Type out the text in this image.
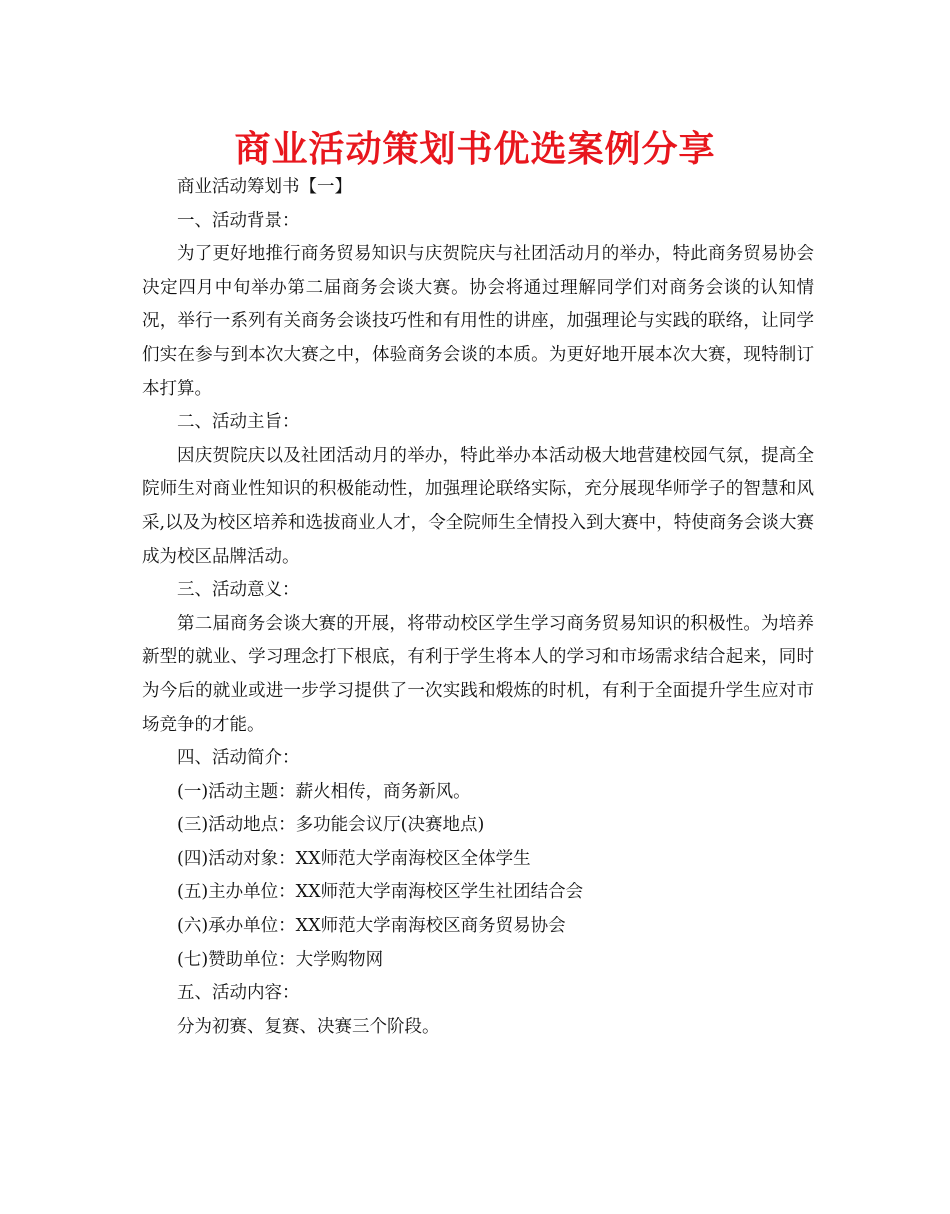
商业活动策划书优选案例分享

商业活动筹划书【一】

一、活动背景：

为了更好地推行商务贸易知识与庆贺院庆与社团活动月的举办，特此商务贸易协会决定四月中旬举办第二届商务会谈大赛。协会将通过理解同学们对商务会谈的认知情况，举行一系列有关商务会谈技巧性和有用性的讲座，加强理论与实践的联络，让同学们实在参与到本次大赛之中，体验商务会谈的本质。为更好地开展本次大赛，现特制订本打算。

二、活动主旨：

因庆贺院庆以及社团活动月的举办，特此举办本活动极大地营建校园气氛，提高全院师生对商业性知识的积极能动性，加强理论联络实际，充分展现华师学子的智慧和风采,以及为校区培养和选拔商业人才，令全院师生全情投入到大赛中，特使商务会谈大赛成为校区品牌活动。

三、活动意义：

第二届商务会谈大赛的开展，将带动校区学生学习商务贸易知识的积极性。为培养新型的就业、学习理念打下根底，有利于学生将本人的学习和市场需求结合起来，同时为今后的就业或进一步学习提供了一次实践和煅炼的时机，有利于全面提升学生应对市场竞争的才能。

四、活动简介：

(一)活动主题：薪火相传，商务新风。

(三)活动地点：多功能会议厅(决赛地点)

(四)活动对象：XX师范大学南海校区全体学生

(五)主办单位：XX师范大学南海校区学生社团结合会

(六)承办单位：XX师范大学南海校区商务贸易协会

(七)赞助单位：大学购物网

五、活动内容：

分为初赛、复赛、决赛三个阶段。
